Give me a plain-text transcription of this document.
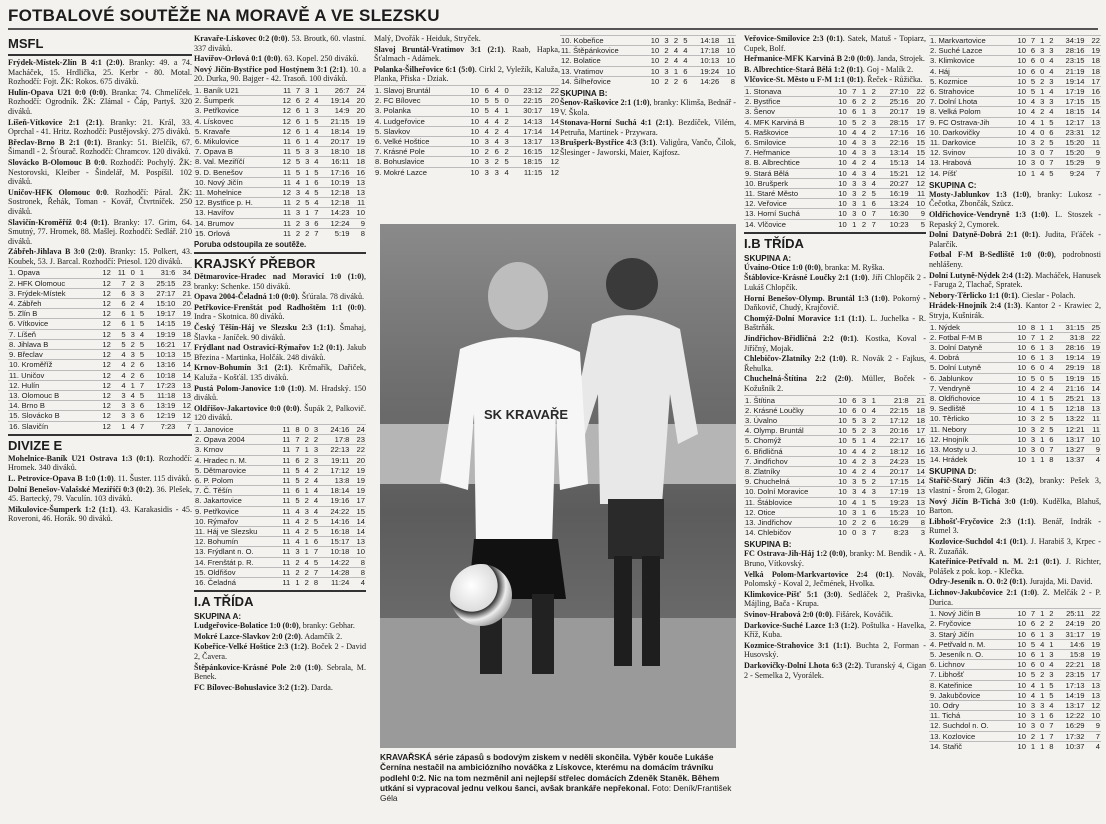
FOTBALOVÉ SOUTĚŽE NA MORAVĚ A VE SLEZSKU
MSFL

Frýdek-Místek-Zlín B 4:1 (2:0). Branky: 49. a 74. Macháček, 15. Hrdlička, 25. Kerbr - 80. Motal. Rozhodčí: Fojt. ŽK: Rokos. 675 diváků.

Hulín-Opava U21 0:0 (0:0). Branka: 74. Chmelíček. Rozhodčí: Ogrodník. ŽK: Zlámal - Čáp, Partyš. 320 diváků.

Líšeň-Vítkovice 2:1 (2:1). Branky: 21. Král, 33. Oprchal - 41. Hritz. Rozhodčí: Pustějovský. 275 diváků.

Břeclav-Brno B 2:1 (0:1). Branky: 51. Bielčík, 67. Šimandl - 2. Šťourač. Rozhodčí: Chramcov. 120 diváků.

Slovácko B-Olomouc B 0:0. Rozhodčí: Pochylý. ŽK: Nestorovski, Kleiber - Šindelář, M. Pospíšil. 102 diváků.

Uničov-HFK Olomouc 0:0. Rozhodčí: Páral. ŽK: Sostronek, Řehák, Toman - Kovář, Čtvrtníček. 250 diváků.

Slavičín-Kroměříž 0:4 (0:1). Branky: 17. Grim, 64. Smutný, 77. Hromek, 88. Mašlej. Rozhodčí: Sedlář. 210 diváků.

Zábřeh-Jihlava B 3:0 (2:0). Branky: 15. Polkert, 43. Koubek, 53. J. Barcal. Rozhodčí: Priesol. 120 diváků.

1. Opava	12	11	0	1	31:6	34
2. HFK Olomouc	12	7	2	3	25:15	23
3. Frýdek-Místek	12	6	3	3	27:17	21
4. Zábřeh	12	6	2	4	15:10	20
5. Zlín B	12	6	1	5	19:17	19
6. Vítkovice	12	6	1	5	14:15	19
7. Líšeň	12	5	3	4	19:19	18
8. Jihlava B	12	5	2	5	16:21	17
9. Břeclav	12	4	3	5	10:13	15
10. Kroměříž	12	4	2	6	13:16	14
11. Uničov	12	4	2	6	10:18	14
12. Hulín	12	4	1	7	17:23	13
13. Olomouc B	12	3	4	5	11:18	13
14. Brno B	12	3	3	6	13:19	12
15. Slovácko B	12	3	3	6	12:19	12
16. Slavičín	12	1	4	7	7:23	7
DIVIZE E

Mohelnice-Baník U21 Ostrava 1:3 (0:1). Rozhodčí: Hromek. 340 diváků.

L. Petrovice-Opava B 1:0 (1:0). 11. Šuster. 115 diváků.

Dolní Benešov-Valašské Meziříčí 0:3 (0:2). 36. Plešek, 45. Bartecký, 79. Vaculín. 103 diváků.

Mikulovice-Šumperk 1:2 (1:1). 43. Karakasidis - 45. Roveroni, 46. Horák. 90 diváků.

Kravaře-Lískovec 0:2 (0:0). 53. Broutk, 60. vlastní. 337 diváků.

Havířov-Orlová 0:1 (0:0). 63. Kopel. 250 diváků.

Nový Jičín-Bystřice pod Hostýnem 3:1 (2:1). 10. a 20. Durka, 90. Bajger - 42. Trasoň. 100 diváků.

1. Baník U21	11	7	3	1	26:7	24
2. Šumperk	12	6	2	4	19:14	20
3. Petřkovice	12	6	1	3	14:9	20
4. Lískovec	12	6	1	5	21:15	19
5. Kravaře	12	6	1	4	18:14	19
6. Mikulovice	11	6	1	4	20:17	19
7. Opava B	11	5	3	3	18:10	18
8. Val. Meziříčí	12	5	3	4	16:11	18
9. D. Benešov	11	5	1	5	17:16	16
10. Nový Jičín	11	4	1	6	10:19	13
11. Mohelnice	12	3	4	5	12:18	13
12. Bystřice p. H.	11	2	5	4	12:18	11
13. Havířov	11	3	1	7	14:23	10
14. Brumov	11	2	3	6	12:24	9
15. Orlová	11	2	2	7	5:19	8
Poruba odstoupila ze soutěže.
KRAJSKÝ PŘEBOR

Dětmarovice-Hradec nad Moravicí 1:0 (1:0), branky: Schenke. 150 diváků.

Opava 2004-Čeladná 1:0 (0:0). Šťúrala. 78 diváků.

Petřkovice-Frenštát pod Radhoštěm 1:1 (0:0). Indra - Skotnica. 80 diváků.

Český Těšín-Háj ve Slezsku 2:3 (1:1). Šmahaj, Šlavka - Janíček. 90 diváků.

Frýdlant nad Ostravicí-Rýmařov 1:2 (0:1). Jakub Březina - Martinka, Holčák. 248 diváků.

Krnov-Bohumín 3:1 (2:1). Krčmařík, Dařiček, Kaluža - Košťál. 135 diváků.

Pustá Polom-Janovice 1:0 (1:0). M. Hradský. 150 diváků.

Oldřišov-Jakartovice 0:0 (0:0). Šupák 2, Palkovič. 120 diváků.

1. Janovice	11	8	0	3	24:16	24
2. Opava 2004	11	7	2	2	17:8	23
3. Krnov	11	7	1	3	22:13	22
4. Hradec n. M.	11	6	2	3	19:11	20
5. Dětmarovice	11	5	4	2	17:12	19
6. P. Polom	11	5	2	4	13:8	19
7. Č. Těšín	11	6	1	4	18:14	19
8. Jakartovice	11	5	2	4	19:16	17
9. Petřkovice	11	4	3	4	24:22	15
10. Rýmařov	11	4	2	5	14:16	14
11. Háj ve Slezsku	11	4	2	5	16:18	14
12. Bohumín	11	4	1	6	15:17	13
13. Frýdlant n. O.	11	3	1	7	10:18	10
14. Frenštát p. R.	11	2	4	5	14:22	8
15. Oldřišov	11	2	2	7	14:28	8
16. Čeladná	11	1	2	8	11:24	4
I.A TŘÍDA
SKUPINA A:

Ludgeřovice-Bolatice 1:0 (0:0), branky: Gebhar.

Mokré Lazce-Slavkov 2:0 (2:0). Adamčík 2.

Kobeřice-Velké Hoštice 2:3 (1:2). Boček 2 - David 2, Čavera.

Štěpánkovice-Krásné Pole 2:0 (1:0). Sebrala, M. Benek.

FC Bílovec-Bohuslavice 3:2 (1:2). Darda.

Malý, Dvořák - Heiduk, Stryček.

Slavoj Bruntál-Vratimov 3:1 (2:1). Raab, Hapka, Šťalmach - Adámek.

Polanka-Šilheřovice 6:1 (5:0). Cirkl 2, Vyležík, Kaluža, Planka, Přiska - Dziak.

1. Slavoj Bruntál	10	6	4	0	23:12	22
2. FC Bílovec	10	5	5	0	22:15	20
3. Polanka	10	5	4	1	30:17	19
4. Ludgeřovice	10	4	4	2	14:13	14
5. Slavkov	10	4	2	4	17:14	14
6. Velké Hoštice	10	3	4	3	13:17	13
7. Krásné Pole	10	2	6	2	16:15	12
8. Bohuslavice	10	3	2	5	18:15	12
9. Mokré Lazce	10	3	3	4	11:15	12
10. Kobeřice	10	3	2	5	14:18	11
11. Štěpánkovice	10	2	4	4	17:18	10
12. Bolatice	10	2	4	4	10:13	10
13. Vratimov	10	3	1	6	19:24	10
14. Šilheřovice	10	2	2	6	14:26	8
SKUPINA B:

Šenov-Raškovice 2:1 (1:0), branky: Klimša, Bednář - V. Škola.

Stonava-Horní Suchá 4:1 (2:1). Bezdíček, Vilém, Petruňa, Martinek - Przywara.

Brušperk-Bystřice 4:3 (3:1). Valigůra, Vančo, Čílok, Šlesinger - Jaworski, Maier, Kajfosz.

SK KRAVAŘE
KRAVAŘSKÁ série zápasů s bodovým ziskem v neděli skončila. Výběr kouče Lukáše Černína nestačil na ambiciózního nováčka z Lískovce, kterému na domácím trávníku podlehl 0:2. Nic na tom nezměnil ani nejlepší střelec domácích Zdeněk Staněk. Během utkání si vypracoval jednu velkou šanci, avšak brankáře nepřekonal. Foto: Deník/František Géla

Veřovice-Smilovice 2:3 (0:1). Satek, Matuš - Topiarz, Cupek, Bolf.

Heřmanice-MFK Karviná B 2:0 (0:0). Janda, Strojek.

B. Albrechtice-Stará Bělá 1:2 (0:1). Goj - Malík 2.

Vlčovice-St. Město u F-M 1:1 (0:1). Řeček - Růžička.

1. Stonava	10	7	1	2	27:10	22
2. Bystřice	10	6	2	2	25:16	20
3. Šenov	10	6	1	3	20:17	19
4. MFK Karviná B	10	5	2	3	28:15	17
5. Raškovice	10	4	4	2	17:16	16
6. Smilovice	10	4	3	3	22:16	15
7. Heřmanice	10	4	3	3	13:14	15
8. B. Albrechtice	10	4	2	4	15:13	14
9. Stará Bělá	10	4	3	4	15:21	12
10. Brušperk	10	3	3	4	20:27	12
11. Staré Město	10	3	2	5	16:19	11
12. Veřovice	10	3	1	6	13:24	10
13. Horní Suchá	10	3	0	7	16:30	9
14. Vlčovice	10	1	2	7	10:23	5
I.B TŘÍDA
SKUPINA A:

Úvaino-Otice 1:0 (0:0), branka: M. Ryška.

Štáblovice-Krásné Loučky 2:1 (1:0). Jiří Chlopčík 2 - Lukáš Chlopčík.

Horní Benešov-Olymp. Bruntál 1:3 (1:0). Pokorný - Daňkovič, Chudý, Krajčovič.

Chomýž-Dolní Moravice 1:1 (1:1). L. Juchelka - R. Baštrňák.

Jindřichov-Břidličná 2:2 (0:1). Kostka, Koval - Jiříčný, Mojak.

Chlebičov-Zlatníky 2:2 (1:0). R. Novák 2 - Fajkus, Řehulka.

Chuchelná-Štítina 2:2 (2:0). Müller, Boček - Kožušník 2.

1. Štítina	10	6	3	1	21:8	21
2. Krásné Loučky	10	6	0	4	22:15	18
3. Úvalno	10	5	3	2	17:12	18
4. Olymp. Bruntál	10	5	2	3	20:16	17
5. Chomýž	10	5	1	4	22:17	16
6. Břidličná	10	4	4	2	18:12	16
7. Jindřichov	10	4	2	3	24:23	15
8. Zlatníky	10	4	2	4	20:17	14
9. Chuchelná	10	3	5	2	17:15	14
10. Dolní Moravice	10	3	4	3	17:19	13
11. Štáblovice	10	4	1	5	19:23	13
12. Otice	10	3	1	6	15:23	10
13. Jindřichov	10	2	2	6	16:29	8
14. Chlebičov	10	0	3	7	8:23	3
SKUPINA B:

FC Ostrava-Jih-Háj 1:2 (0:0), branky: M. Bendik - A. Bruno, Vítkovský.

Velká Polom-Markvartovice 2:4 (0:1). Novák, Polomský - Koval 2, Ječmének, Hvolka.

Klimkovice-Píšť 5:1 (3:0). Sedláček 2, Prašivka, Májling, Bača - Krupa.

Svinov-Hrabová 2:0 (0:0). Fišárek, Kováčik.

Darkovice-Suché Lazce 1:3 (1:2). Poštulka - Havelka, Kříž, Kuba.

Kozmice-Strahovice 3:1 (1:1). Buchta 2, Forman - Husovský.

Darkovičky-Dolní Lhota 6:3 (2:2). Turanský 4, Cigan 2 - Semelka 2, Vyorálek.

1. Markvartovice	10	7	1	2	34:19	22
2. Suché Lazce	10	6	3	3	28:16	19
3. Klimkovice	10	6	0	4	23:15	18
4. Háj	10	6	0	4	21:19	18
5. Kozmice	10	5	2	3	19:14	17
6. Strahovice	10	5	1	4	17:19	16
7. Dolní Lhota	10	4	3	3	17:15	15
8. Velká Polom	10	4	2	4	18:15	14
9. FC Ostrava-Jih	10	4	1	5	12:17	13
10. Darkovičky	10	4	0	6	23:31	12
11. Darkovice	10	3	2	5	15:20	11
12. Svinov	10	3	0	7	15:20	9
13. Hrabová	10	3	0	7	15:29	9
14. Píšť	10	1	4	5	9:24	7
SKUPINA C:

Mosty-Jablunkov 1:3 (1:0), branky: Lukosz - Čečotka, Zbončák, Szücz.

Oldřichovice-Vendryně 1:3 (1:0). L. Stoszek - Repaský 2, Cymorek.

Dolní Datyně-Dobrá 2:1 (0:1). Judita, Fťáček - Palarčík.

Fotbal F-M B-Sedliště 1:0 (0:0), podrobnosti nehlášeny.

Dolní Lutyně-Nýdek 2:4 (1:2). Macháček, Hanusek - Faruga 2, Tlachač, Spratek.

Nebory-Těrlicko 1:1 (0:1). Cieslar - Polach.

Hrádek-Hnojník 2:4 (1:3). Kantor 2 - Krawiec 2, Stryja, Kušnirák.

1. Nýdek	10	8	1	1	31:15	25
2. Fotbal F-M B	10	7	1	2	31:8	22
3. Dolní Datyně	10	6	1	3	28:16	19
4. Dobrá	10	6	1	3	19:14	19
5. Dolní Lutyně	10	6	0	4	29:19	18
6. Jablunkov	10	5	0	5	19:19	15
7. Vendryně	10	4	2	4	21:16	14
8. Oldřichovice	10	4	1	5	25:21	13
9. Sedliště	10	4	1	5	12:18	13
10. Těrlicko	10	3	2	5	13:22	11
11. Nebory	10	3	2	5	12:21	11
12. Hnojník	10	3	1	6	13:17	10
13. Mosty u J.	10	3	0	7	13:27	9
14. Hrádek	10	1	1	8	13:37	4
SKUPINA D:

Stařič-Starý Jičín 4:3 (3:2), branky: Pešek 3, vlastní - Šrom 2, Glogar.

Nový Jičín B-Tichá 3:0 (1:0). Kudělka, Blahuš, Barton.

Libhošť-Fryčovice 2:3 (1:1). Benář, Indrák - Rumel 3.

Kozlovice-Suchdol 4:1 (0:1). J. Harabiš 3, Krpec - R. Zuzaňák.

Kateřinice-Petřvald n. M. 2:1 (0:1). J. Richter, Polášek z pok. kop. - Klečka.

Odry-Jeseník n. O. 0:2 (0:1). Jurajda, Mi. David.

Lichnov-Jakubčovice 2:1 (1:0). Z. Melčák 2 - P. Durica.

1. Nový Jičín B	10	7	1	2	25:11	22
2. Fryčovice	10	6	2	2	24:19	20
3. Starý Jičín	10	6	1	3	31:17	19
4. Petřvald n. M.	10	5	4	1	14:6	19
5. Jeseník n. O.	10	6	1	3	15:8	19
6. Lichnov	10	6	0	4	22:21	18
7. Libhošť	10	5	2	3	23:15	17
8. Kateřinice	10	4	1	5	17:13	13
9. Jakubčovice	10	4	1	5	14:19	13
10. Odry	10	3	3	4	13:17	12
11. Tichá	10	3	1	6	12:22	10
12. Suchdol n. O.	10	3	0	7	16:29	9
13. Kozlovice	10	2	1	7	17:32	7
14. Stařič	10	1	1	8	10:37	4
